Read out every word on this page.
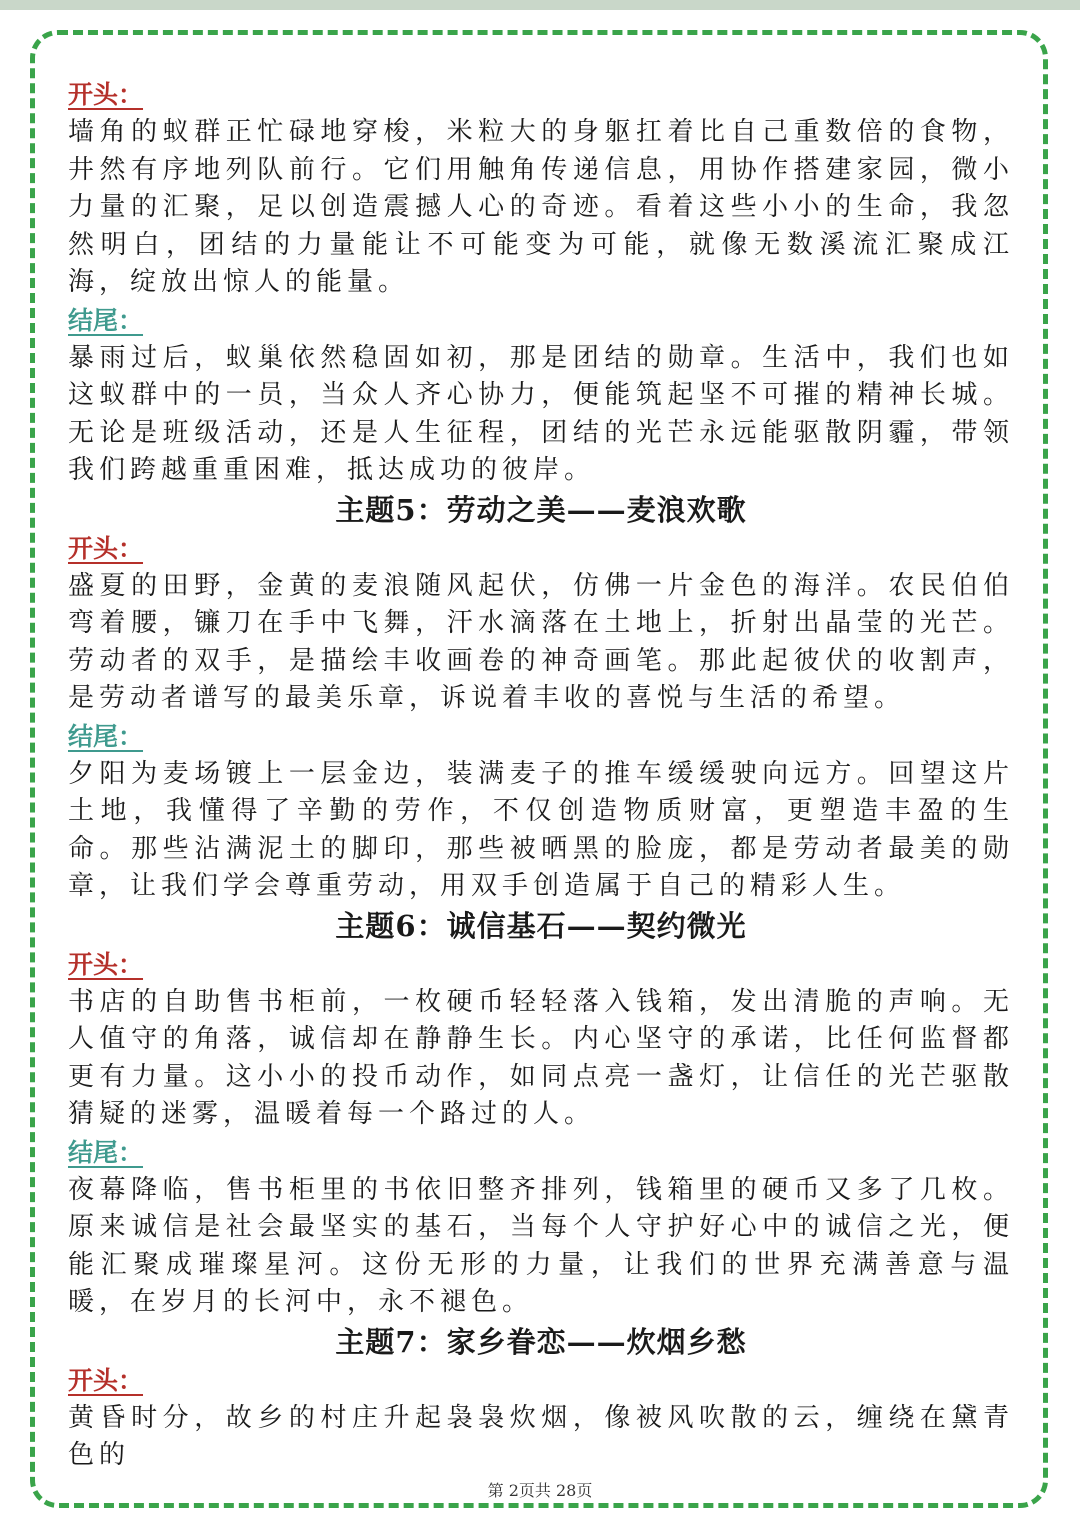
开头：

墙角的蚁群正忙碌地穿梭，米粒大的身躯扛着比自己重数倍的食物，井然有序地列队前行。它们用触角传递信息，用协作搭建家园，微小力量的汇聚，足以创造震撼人心的奇迹。看着这些小小的生命，我忽然明白，团结的力量能让不可能变为可能，就像无数溪流汇聚成江海，绽放出惊人的能量。

结尾：

暴雨过后，蚁巢依然稳固如初，那是团结的勋章。生活中，我们也如这蚁群中的一员，当众人齐心协力，便能筑起坚不可摧的精神长城。无论是班级活动，还是人生征程，团结的光芒永远能驱散阴霾，带领我们跨越重重困难，抵达成功的彼岸。

主题5：劳动之美——麦浪欢歌
开头：

盛夏的田野，金黄的麦浪随风起伏，仿佛一片金色的海洋。农民伯伯弯着腰，镰刀在手中飞舞，汗水滴落在土地上，折射出晶莹的光芒。劳动者的双手，是描绘丰收画卷的神奇画笔。那此起彼伏的收割声，是劳动者谱写的最美乐章，诉说着丰收的喜悦与生活的希望。

结尾：

夕阳为麦场镀上一层金边，装满麦子的推车缓缓驶向远方。回望这片土地，我懂得了辛勤的劳作，不仅创造物质财富，更塑造丰盈的生命。那些沾满泥土的脚印，那些被晒黑的脸庞，都是劳动者最美的勋章，让我们学会尊重劳动，用双手创造属于自己的精彩人生。

主题6：诚信基石——契约微光
开头：

书店的自助售书柜前，一枚硬币轻轻落入钱箱，发出清脆的声响。无人值守的角落，诚信却在静静生长。内心坚守的承诺，比任何监督都更有力量。这小小的投币动作，如同点亮一盏灯，让信任的光芒驱散猜疑的迷雾，温暖着每一个路过的人。

结尾：

夜幕降临，售书柜里的书依旧整齐排列，钱箱里的硬币又多了几枚。原来诚信是社会最坚实的基石，当每个人守护好心中的诚信之光，便能汇聚成璀璨星河。这份无形的力量，让我们的世界充满善意与温暖，在岁月的长河中，永不褪色。

主题7：家乡眷恋——炊烟乡愁
开头：

黄昏时分，故乡的村庄升起袅袅炊烟，像被风吹散的云，缠绕在黛青色的

第 2页共 28页
